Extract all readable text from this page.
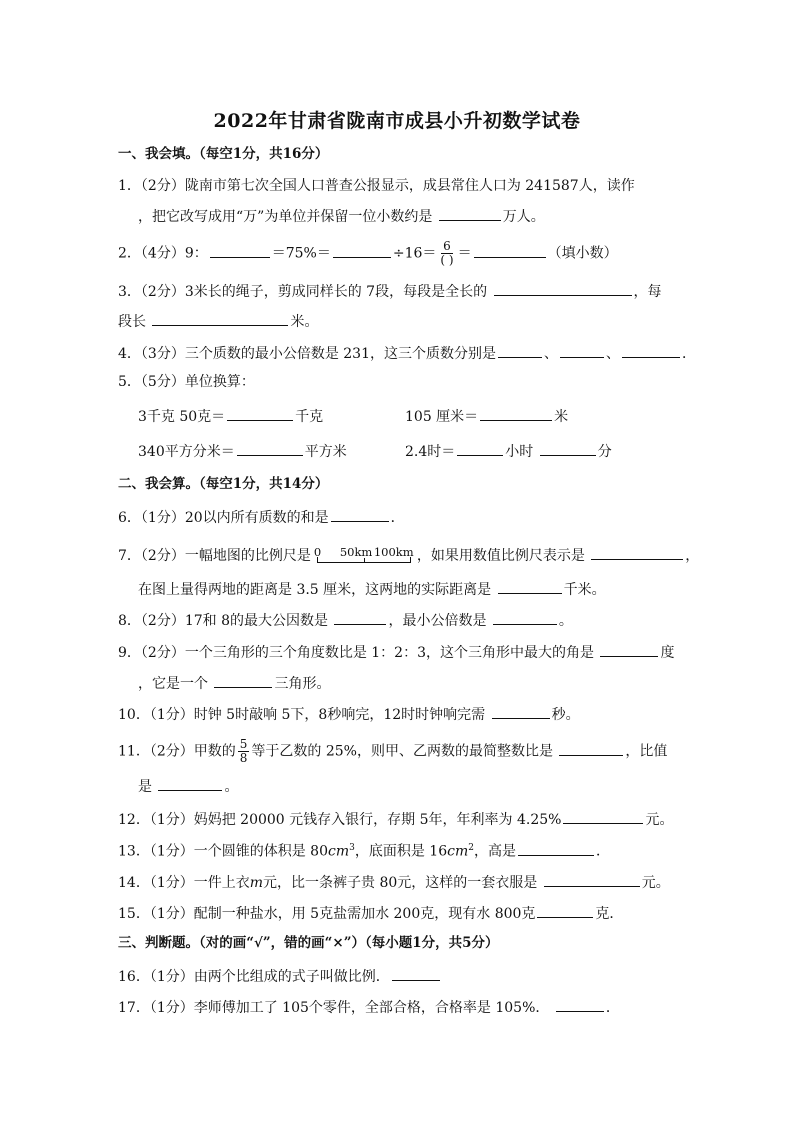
2022年甘肃省陇南市成县小升初数学试卷
一、我会填。（每空1分，共16分）
1．（2分）陇南市第七次全国人口普查公报显示，成县常住人口为 241587人，读作
，把它改写成用“万”为单位并保留一位小数约是	万人。
2．（4分）9：	＝75%＝	$\div 16= \frac{6}{( )}$ ＝	（填小数）
3．（2分）3米长的绳子，剪成同样长的 7段，每段是全长的	，每
段长	米。
4．（3分）三个质数的最小公倍数是 231，这三个质数分别是	、	、	．
5．（5分）单位换算：
3千克 50克＝	千克	105 厘米＝	米
340平方分米＝	平方米	2.4时＝	小时	分
二、我会算。（每空1分，共14分）
6．（1分）20以内所有质数的和是	．
7．（2分）一幅地图的比例尺是 0 50km 100km ，如果用数值比例尺表示是	，
在图上量得两地的距离是 3.5 厘米，这两地的实际距离是	千米。
8．（2分）17和 8的最大公因数是	，最小公倍数是	。
9．（2分）一个三角形的三个角度数比是 1：2：3，这个三角形中最大的角是	度
，它是一个	三角形。
10．（1分）时钟 5时敲响 5下，8秒响完，12时时钟响完需	秒。
11．（2分）甲数的 $\frac{5}{8}$ 等于乙数的 25%，则甲、乙两数的最简整数比是	，比值
是	。
12．（1分）妈妈把 20000 元钱存入银行，存期 5年，年利率为 4.25%	元。
13．（1分）一个圆锥的体积是 $80cm^3$，底面积是 $16cm^2$，高是	．
14．（1分）一件上衣m元，比一条裤子贵 80元，这样的一套衣服是	元。
15．（1分）配制一种盐水，用 5克盐需加水 200克，现有水 800克	克．
三、判断题。（对的画“√”，错的画“×”）（每小题1分，共5分）
16．（1分）由两个比组成的式子叫做比例．
17．（1分）李师傅加工了 105个零件，全部合格，合格率是 105%．	．
